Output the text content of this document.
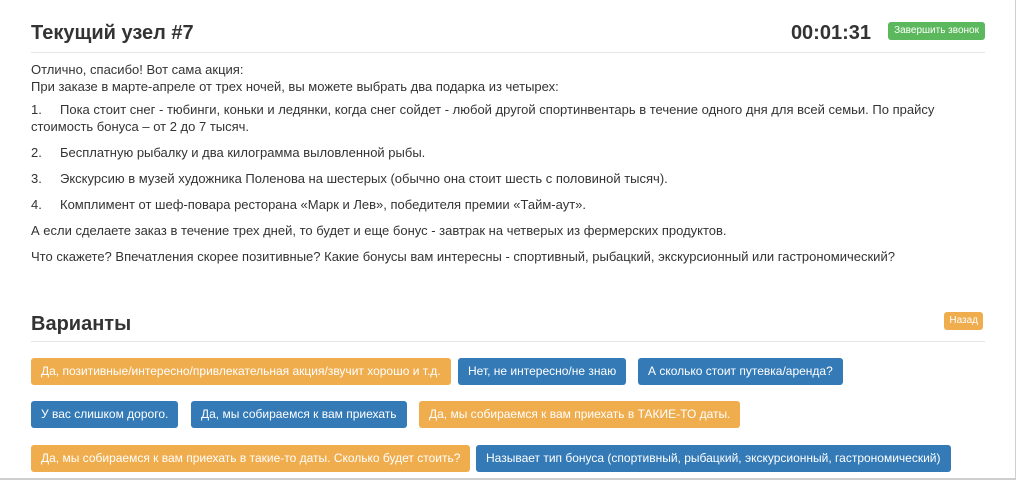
Текущий узел #7	00:01:31	Завершить звонок

Отлично, спасибо! Вот сама акция:
При заказе в марте-апреле от трех ночей, вы можете выбрать два подарка из четырех:

1. Пока стоит снег - тюбинги, коньки и ледянки, когда снег сойдет - любой другой спортинвентарь в течение одного дня для всей семьи. По прайсу стоимость бонуса – от 2 до 7 тысяч.

2. Бесплатную рыбалку и два килограмма выловленной рыбы.

3. Экскурсию в музей художника Поленова на шестерых (обычно она стоит шесть с половиной тысяч).

4. Комплимент от шеф-повара ресторана «Марк и Лев», победителя премии «Тайм-аут».

А если сделаете заказ в течение трех дней, то будет и еще бонус - завтрак на четверых из фермерских продуктов.

Что скажете? Впечатления скорее позитивные? Какие бонусы вам интересны - спортивный, рыбацкий, экскурсионный или гастрономический?

Варианты	Назад
Да, позитивные/интересно/привлекательная акция/звучит хорошо и т.д.	Нет, не интересно/не знаю	А сколько стоит путевка/аренда?
У вас слишком дорого.	Да, мы собираемся к вам приехать	Да, мы собираемся к вам приехать в ТАКИЕ-ТО даты.
Да, мы собираемся к вам приехать в такие-то даты. Сколько будет стоить?	Называет тип бонуса (спортивный, рыбацкий, экскурсионный, гастрономический)
